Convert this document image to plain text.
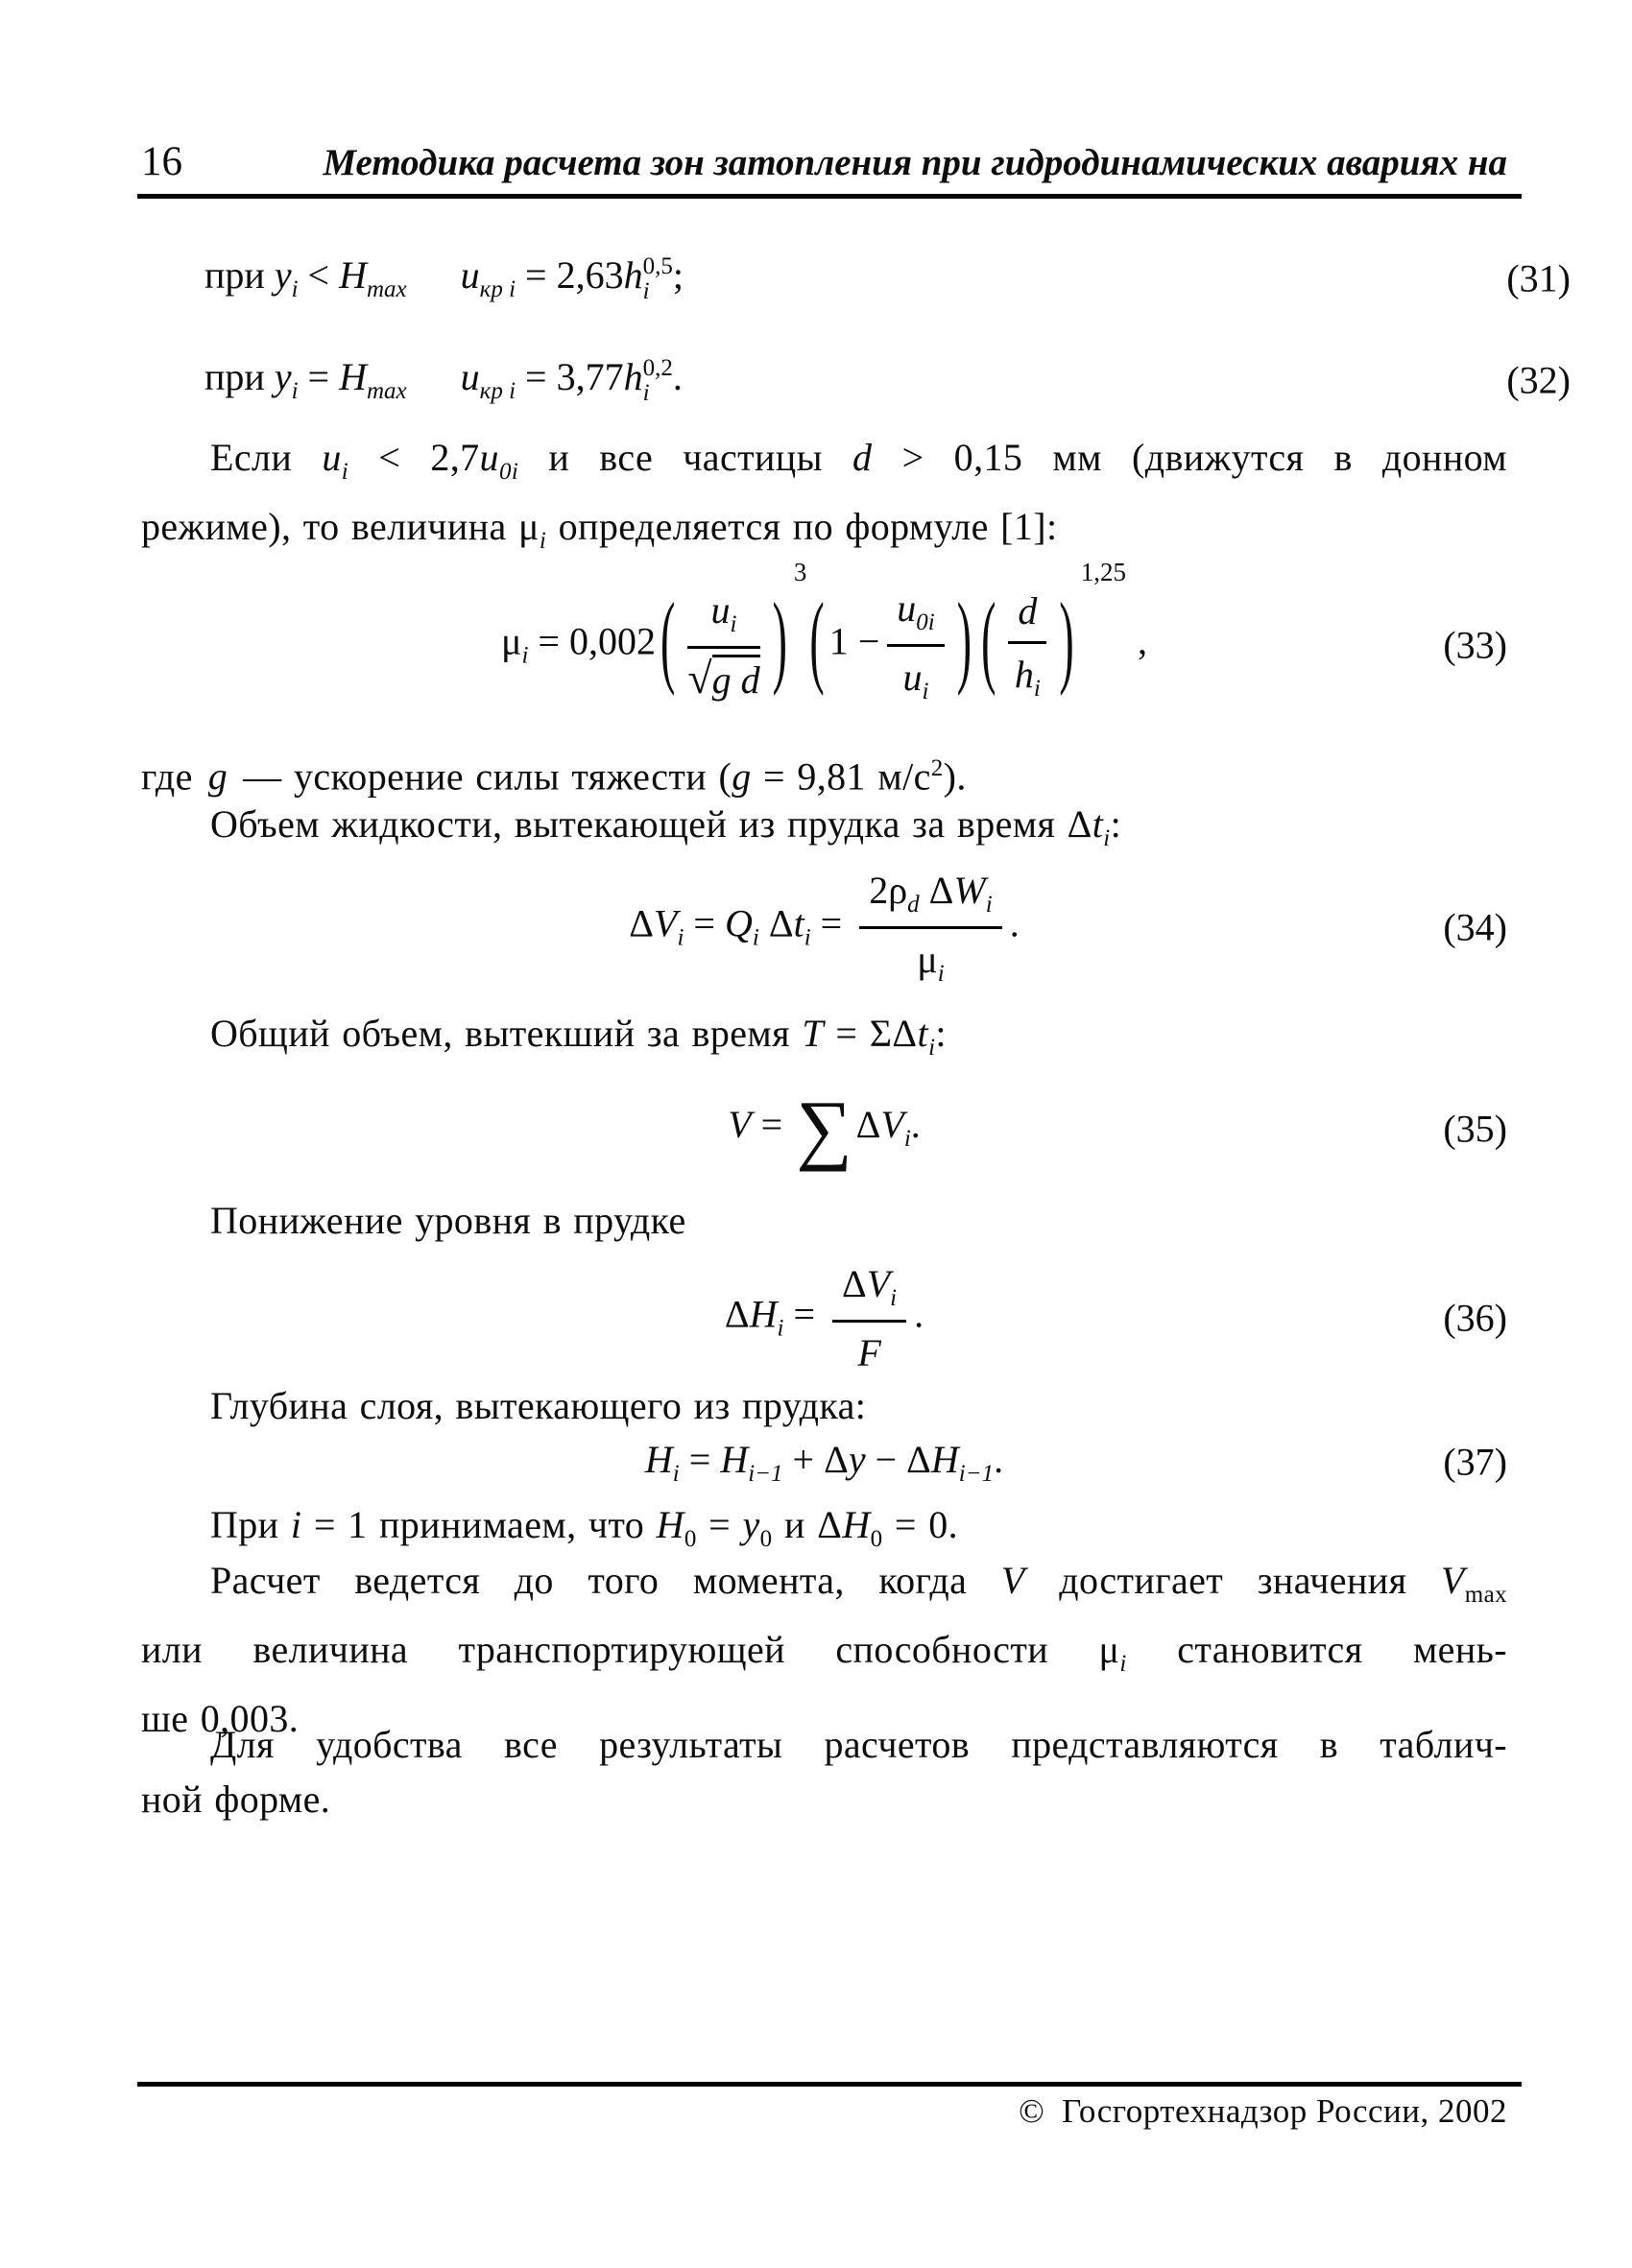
16	Методика расчета зон затопления при гидродинамических авариях на
при $y_i < H_{max}$ $u_{кр i} = 2,63h$ 0,5
i ;	(31)
при $y_i = H_{max}$ $u_{кр i} = 3,77h$ 0,2
i .	(32)
Если $u_i < 2,7u_{0i}$ и все частицы d > 0,15 мм (движутся в донном
режиме), то величина $\mu_i$ определяется по формуле [1]:
$\mu_i = 0,002$ ( $\frac{u_i}{\text{√g d}} )^3$( $1 - \frac{u_{0i}}{u_i}$ ) ( $\frac{d}{h_i} )^{1,25}$,	(33)
где g — ускорение силы тяжести (g = 9,81 $м/с^2$).
Объем жидкости, вытекающей из прудка за время $\Delta t_i$:
$\Delta V_i = Q_i$ $\Delta t_i = \frac{2\rho_d \Delta W_i}{\mu_i}$ .	(34)
Общий объем, вытекший за время T = ΣΔt$_i$:
V = ∑ $\Delta V_i$.	(35)
Понижение уровня в прудке
$\Delta H_i = \frac{\Delta V_i}{F}$ .	(36)
Глубина слоя, вытекающего из прудка:
$H_i = H_{i-1} + \Delta y - \Delta H_{i-1}$.	(37)
При i = 1 принимаем, что $H_0 = y_0$ и $\Delta H_0 = 0$.
Расчет ведется до того момента, когда V достигает значения $V_{max}$
или величина транспортирующей способности $\mu_i$ становится мень-
ше 0,003.
Для удобства все результаты расчетов представляются в таблич-
ной форме.
© Госгортехнадзор России, 2002
